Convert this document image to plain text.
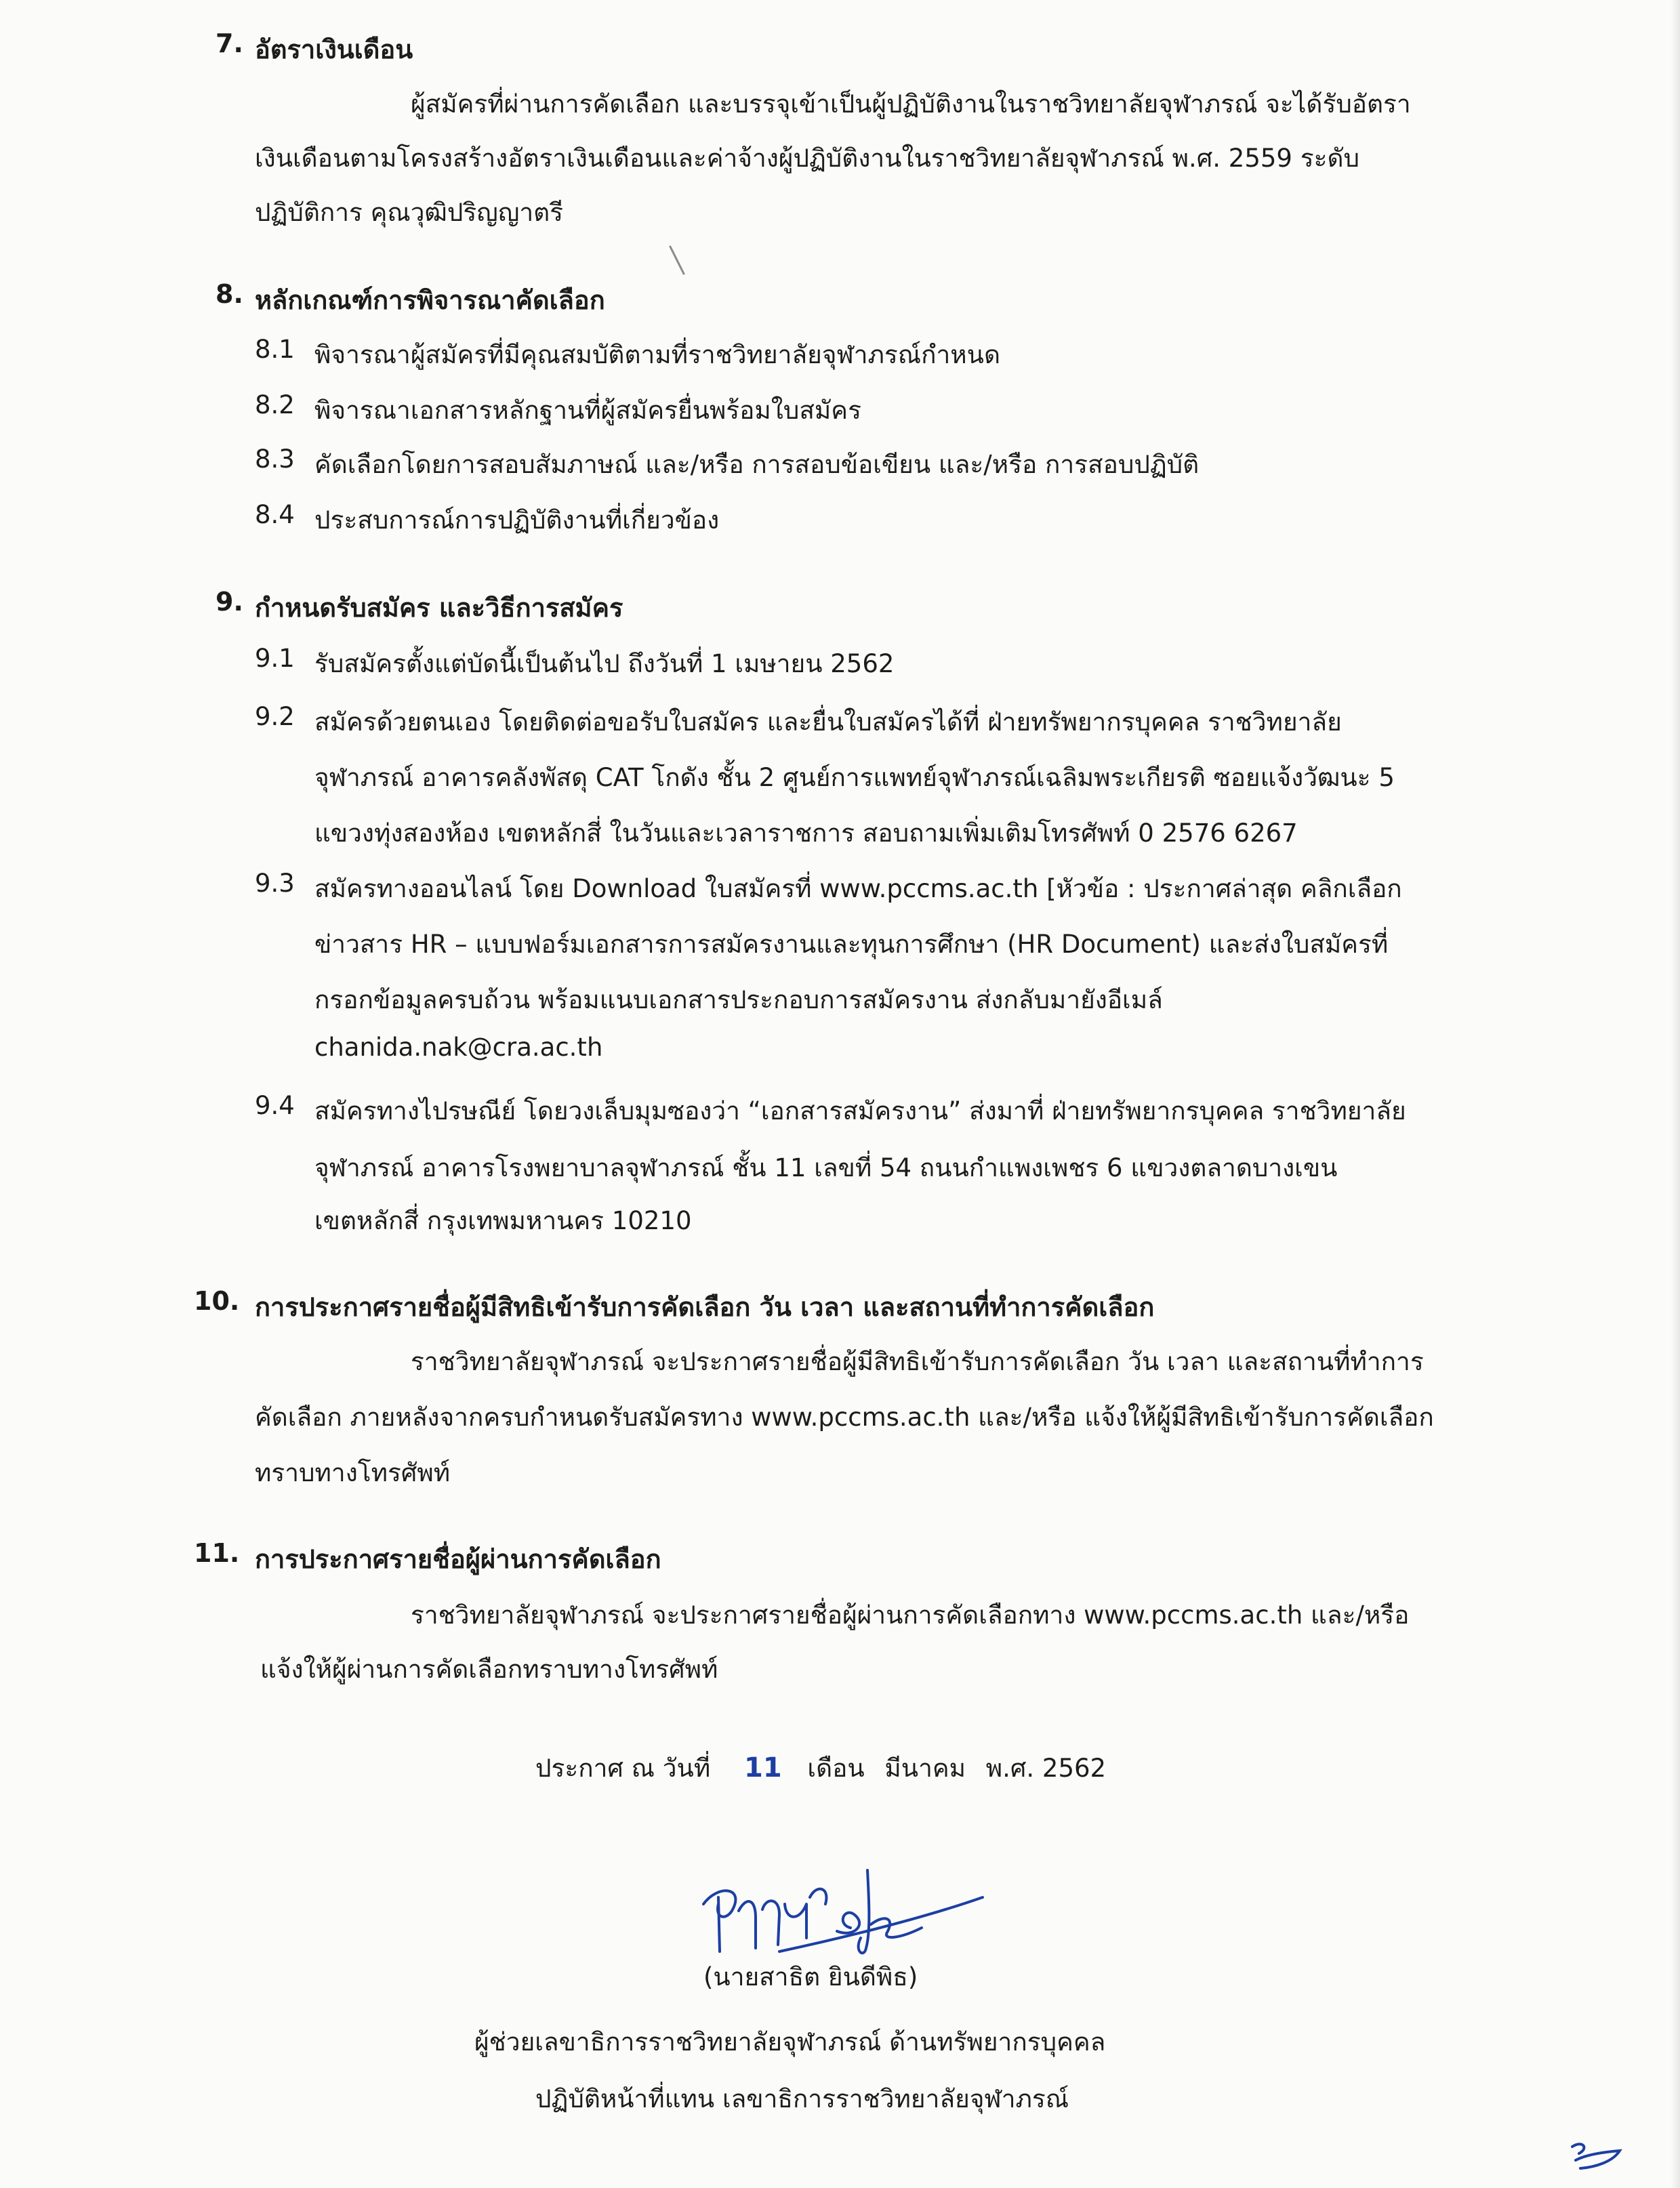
7. อัตราเงินเดือน
ผู้สมัครที่ผ่านการคัดเลือก และบรรจุเข้าเป็นผู้ปฏิบัติงานในราชวิทยาลัยจุฬาภรณ์ จะได้รับอัตรา
เงินเดือนตามโครงสร้างอัตราเงินเดือนและค่าจ้างผู้ปฏิบัติงานในราชวิทยาลัยจุฬาภรณ์ พ.ศ. 2559 ระดับ
ปฏิบัติการ คุณวุฒิปริญญาตรี
8. หลักเกณฑ์การพิจารณาคัดเลือก
8.1 พิจารณาผู้สมัครที่มีคุณสมบัติตามที่ราชวิทยาลัยจุฬาภรณ์กำหนด
8.2 พิจารณาเอกสารหลักฐานที่ผู้สมัครยื่นพร้อมใบสมัคร
8.3 คัดเลือกโดยการสอบสัมภาษณ์ และ/หรือ การสอบข้อเขียน และ/หรือ การสอบปฏิบัติ
8.4 ประสบการณ์การปฏิบัติงานที่เกี่ยวข้อง
9. กำหนดรับสมัคร และวิธีการสมัคร
9.1 รับสมัครตั้งแต่บัดนี้เป็นต้นไป ถึงวันที่ 1 เมษายน 2562
9.2 สมัครด้วยตนเอง โดยติดต่อขอรับใบสมัคร และยื่นใบสมัครได้ที่ ฝ่ายทรัพยากรบุคคล ราชวิทยาลัย
จุฬาภรณ์ อาคารคลังพัสดุ CAT โกดัง ชั้น 2 ศูนย์การแพทย์จุฬาภรณ์เฉลิมพระเกียรติ ซอยแจ้งวัฒนะ 5
แขวงทุ่งสองห้อง เขตหลักสี่ ในวันและเวลาราชการ สอบถามเพิ่มเติมโทรศัพท์ 0 2576 6267
9.3 สมัครทางออนไลน์ โดย Download ใบสมัครที่ www.pccms.ac.th [หัวข้อ : ประกาศล่าสุด คลิกเลือก
ข่าวสาร HR – แบบฟอร์มเอกสารการสมัครงานและทุนการศึกษา (HR Document) และส่งใบสมัครที่
กรอกข้อมูลครบถ้วน พร้อมแนบเอกสารประกอบการสมัครงาน ส่งกลับมายังอีเมล์
chanida.nak@cra.ac.th
9.4 สมัครทางไปรษณีย์ โดยวงเล็บมุมซองว่า “เอกสารสมัครงาน” ส่งมาที่ ฝ่ายทรัพยากรบุคคล ราชวิทยาลัย
จุฬาภรณ์ อาคารโรงพยาบาลจุฬาภรณ์ ชั้น 11 เลขที่ 54 ถนนกำแพงเพชร 6 แขวงตลาดบางเขน
เขตหลักสี่ กรุงเทพมหานคร 10210
10. การประกาศรายชื่อผู้มีสิทธิเข้ารับการคัดเลือก วัน เวลา และสถานที่ทำการคัดเลือก
ราชวิทยาลัยจุฬาภรณ์ จะประกาศรายชื่อผู้มีสิทธิเข้ารับการคัดเลือก วัน เวลา และสถานที่ทำการ
คัดเลือก ภายหลังจากครบกำหนดรับสมัครทาง www.pccms.ac.th และ/หรือ แจ้งให้ผู้มีสิทธิเข้ารับการคัดเลือก
ทราบทางโทรศัพท์
11. การประกาศรายชื่อผู้ผ่านการคัดเลือก
ราชวิทยาลัยจุฬาภรณ์ จะประกาศรายชื่อผู้ผ่านการคัดเลือกทาง www.pccms.ac.th และ/หรือ
แจ้งให้ผู้ผ่านการคัดเลือกทราบทางโทรศัพท์
ประกาศ ณ วันที่ 11 เดือน มีนาคม พ.ศ. 2562
(นายสาธิต ยินดีพิธ)
ผู้ช่วยเลขาธิการราชวิทยาลัยจุฬาภรณ์ ด้านทรัพยากรบุคคล
ปฏิบัติหน้าที่แทน เลขาธิการราชวิทยาลัยจุฬาภรณ์
